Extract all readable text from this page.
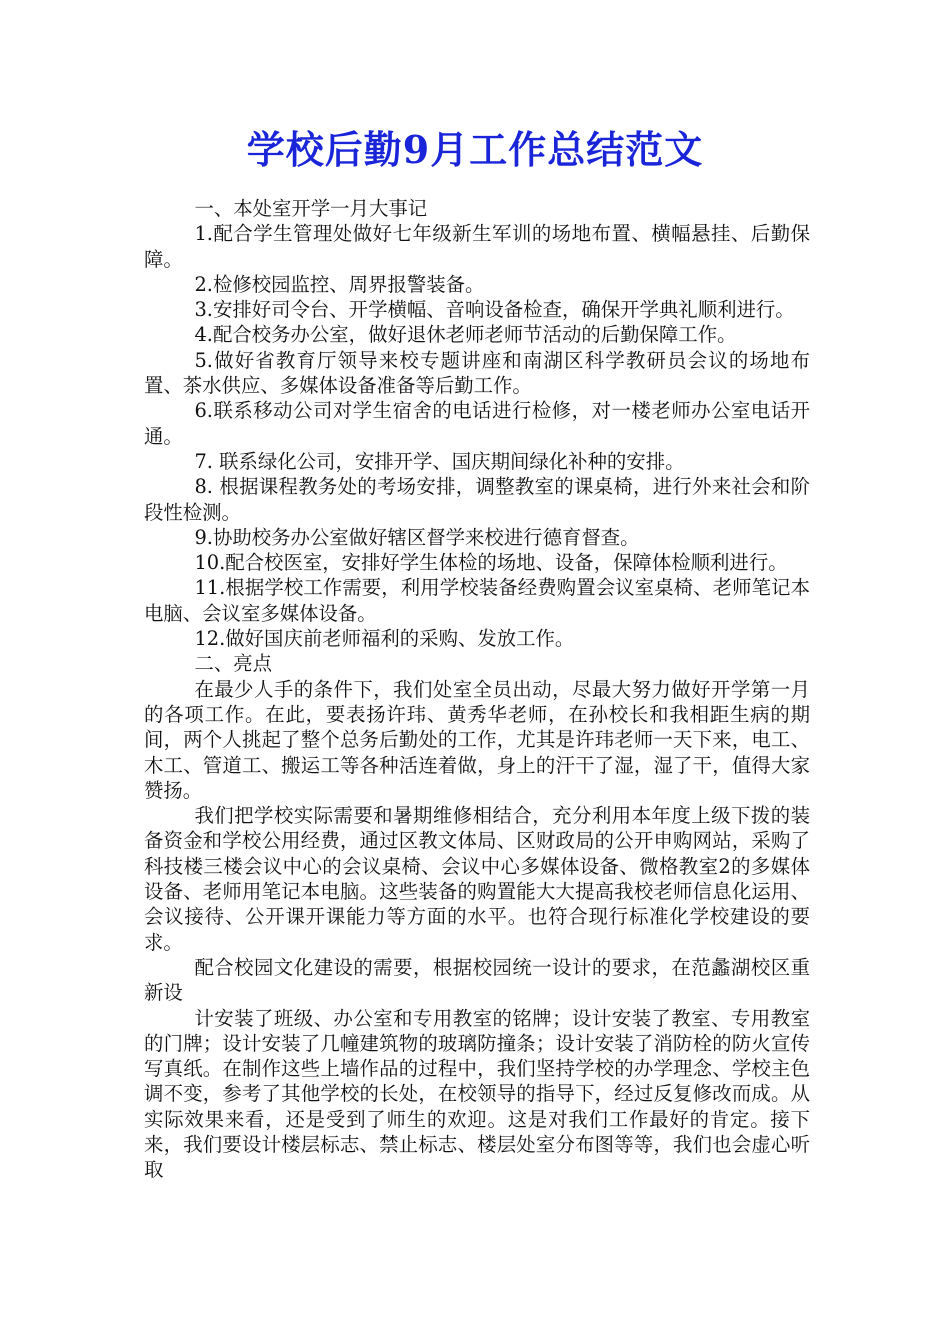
学校后勤9月工作总结范文

一、本处室开学一月大事记

1.配合学生管理处做好七年级新生军训的场地布置、横幅悬挂、后勤保障。

2.检修校园监控、周界报警装备。

3.安排好司令台、开学横幅、音响设备检查，确保开学典礼顺利进行。

4.配合校务办公室，做好退休老师老师节活动的后勤保障工作。

5.做好省教育厅领导来校专题讲座和南湖区科学教研员会议的场地布置、茶水供应、多媒体设备准备等后勤工作。

6.联系移动公司对学生宿舍的电话进行检修，对一楼老师办公室电话开通。

7. 联系绿化公司，安排开学、国庆期间绿化补种的安排。

8. 根据课程教务处的考场安排，调整教室的课桌椅，进行外来社会和阶段性检测。

9.协助校务办公室做好辖区督学来校进行德育督查。

10.配合校医室，安排好学生体检的场地、设备，保障体检顺利进行。

11.根据学校工作需要，利用学校装备经费购置会议室桌椅、老师笔记本电脑、会议室多媒体设备。

12.做好国庆前老师福利的采购、发放工作。

二、亮点

在最少人手的条件下，我们处室全员出动，尽最大努力做好开学第一月的各项工作。在此，要表扬许玮、黄秀华老师，在孙校长和我相距生病的期间，两个人挑起了整个总务后勤处的工作，尤其是许玮老师一天下来，电工、木工、管道工、搬运工等各种活连着做，身上的汗干了湿，湿了干，值得大家赞扬。

我们把学校实际需要和暑期维修相结合，充分利用本年度上级下拨的装备资金和学校公用经费，通过区教文体局、区财政局的公开申购网站，采购了科技楼三楼会议中心的会议桌椅、会议中心多媒体设备、微格教室2的多媒体设备、老师用笔记本电脑。这些装备的购置能大大提高我校老师信息化运用、会议接待、公开课开课能力等方面的水平。也符合现行标准化学校建设的要求。

配合校园文化建设的需要，根据校园统一设计的要求，在范蠡湖校区重新设

计安装了班级、办公室和专用教室的铭牌；设计安装了教室、专用教室的门牌；设计安装了几幢建筑物的玻璃防撞条；设计安装了消防栓的防火宣传写真纸。在制作这些上墙作品的过程中，我们坚持学校的办学理念、学校主色调不变，参考了其他学校的长处，在校领导的指导下，经过反复修改而成。从实际效果来看，还是受到了师生的欢迎。这是对我们工作最好的肯定。接下来，我们要设计楼层标志、禁止标志、楼层处室分布图等等，我们也会虚心听取
